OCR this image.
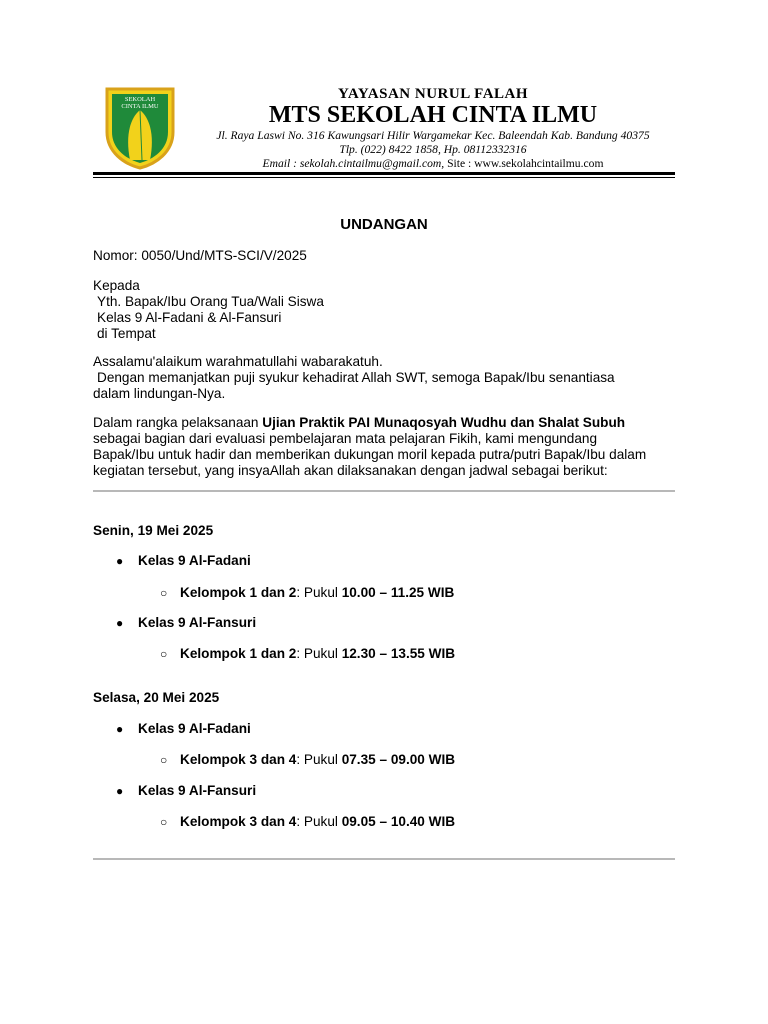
SEKOLAH
CINTA ILMU
YAYASAN NURUL FALAH
MTS SEKOLAH CINTA ILMU
Jl. Raya Laswi No. 316 Kawungsari Hilir Wargamekar Kec. Baleendah Kab. Bandung 40375
Tlp. (022) 8422 1858, Hp. 08112332316
Email : sekolah.cintailmu@gmail.com, Site : www.sekolahcintailmu.com
UNDANGAN
Nomor: 0050/Und/MTS-SCI/V/2025
Kepada
Yth. Bapak/Ibu Orang Tua/Wali Siswa
Kelas 9 Al-Fadani & Al-Fansuri
di Tempat
Assalamu'alaikum warahmatullahi wabarakatuh.
Dengan memanjatkan puji syukur kehadirat Allah SWT, semoga Bapak/Ibu senantiasa
dalam lindungan-Nya.
Dalam rangka pelaksanaan Ujian Praktik PAI Munaqosyah Wudhu dan Shalat Subuh
sebagai bagian dari evaluasi pembelajaran mata pelajaran Fikih, kami mengundang
Bapak/Ibu untuk hadir dan memberikan dukungan moril kepada putra/putri Bapak/Ibu dalam
kegiatan tersebut, yang insyaAllah akan dilaksanakan dengan jadwal sebagai berikut:
Senin, 19 Mei 2025
● Kelas 9 Al-Fadani
○ Kelompok 1 dan 2: Pukul 10.00 – 11.25 WIB
● Kelas 9 Al-Fansuri
○ Kelompok 1 dan 2: Pukul 12.30 – 13.55 WIB
Selasa, 20 Mei 2025
● Kelas 9 Al-Fadani
○ Kelompok 3 dan 4: Pukul 07.35 – 09.00 WIB
● Kelas 9 Al-Fansuri
○ Kelompok 3 dan 4: Pukul 09.05 – 10.40 WIB
